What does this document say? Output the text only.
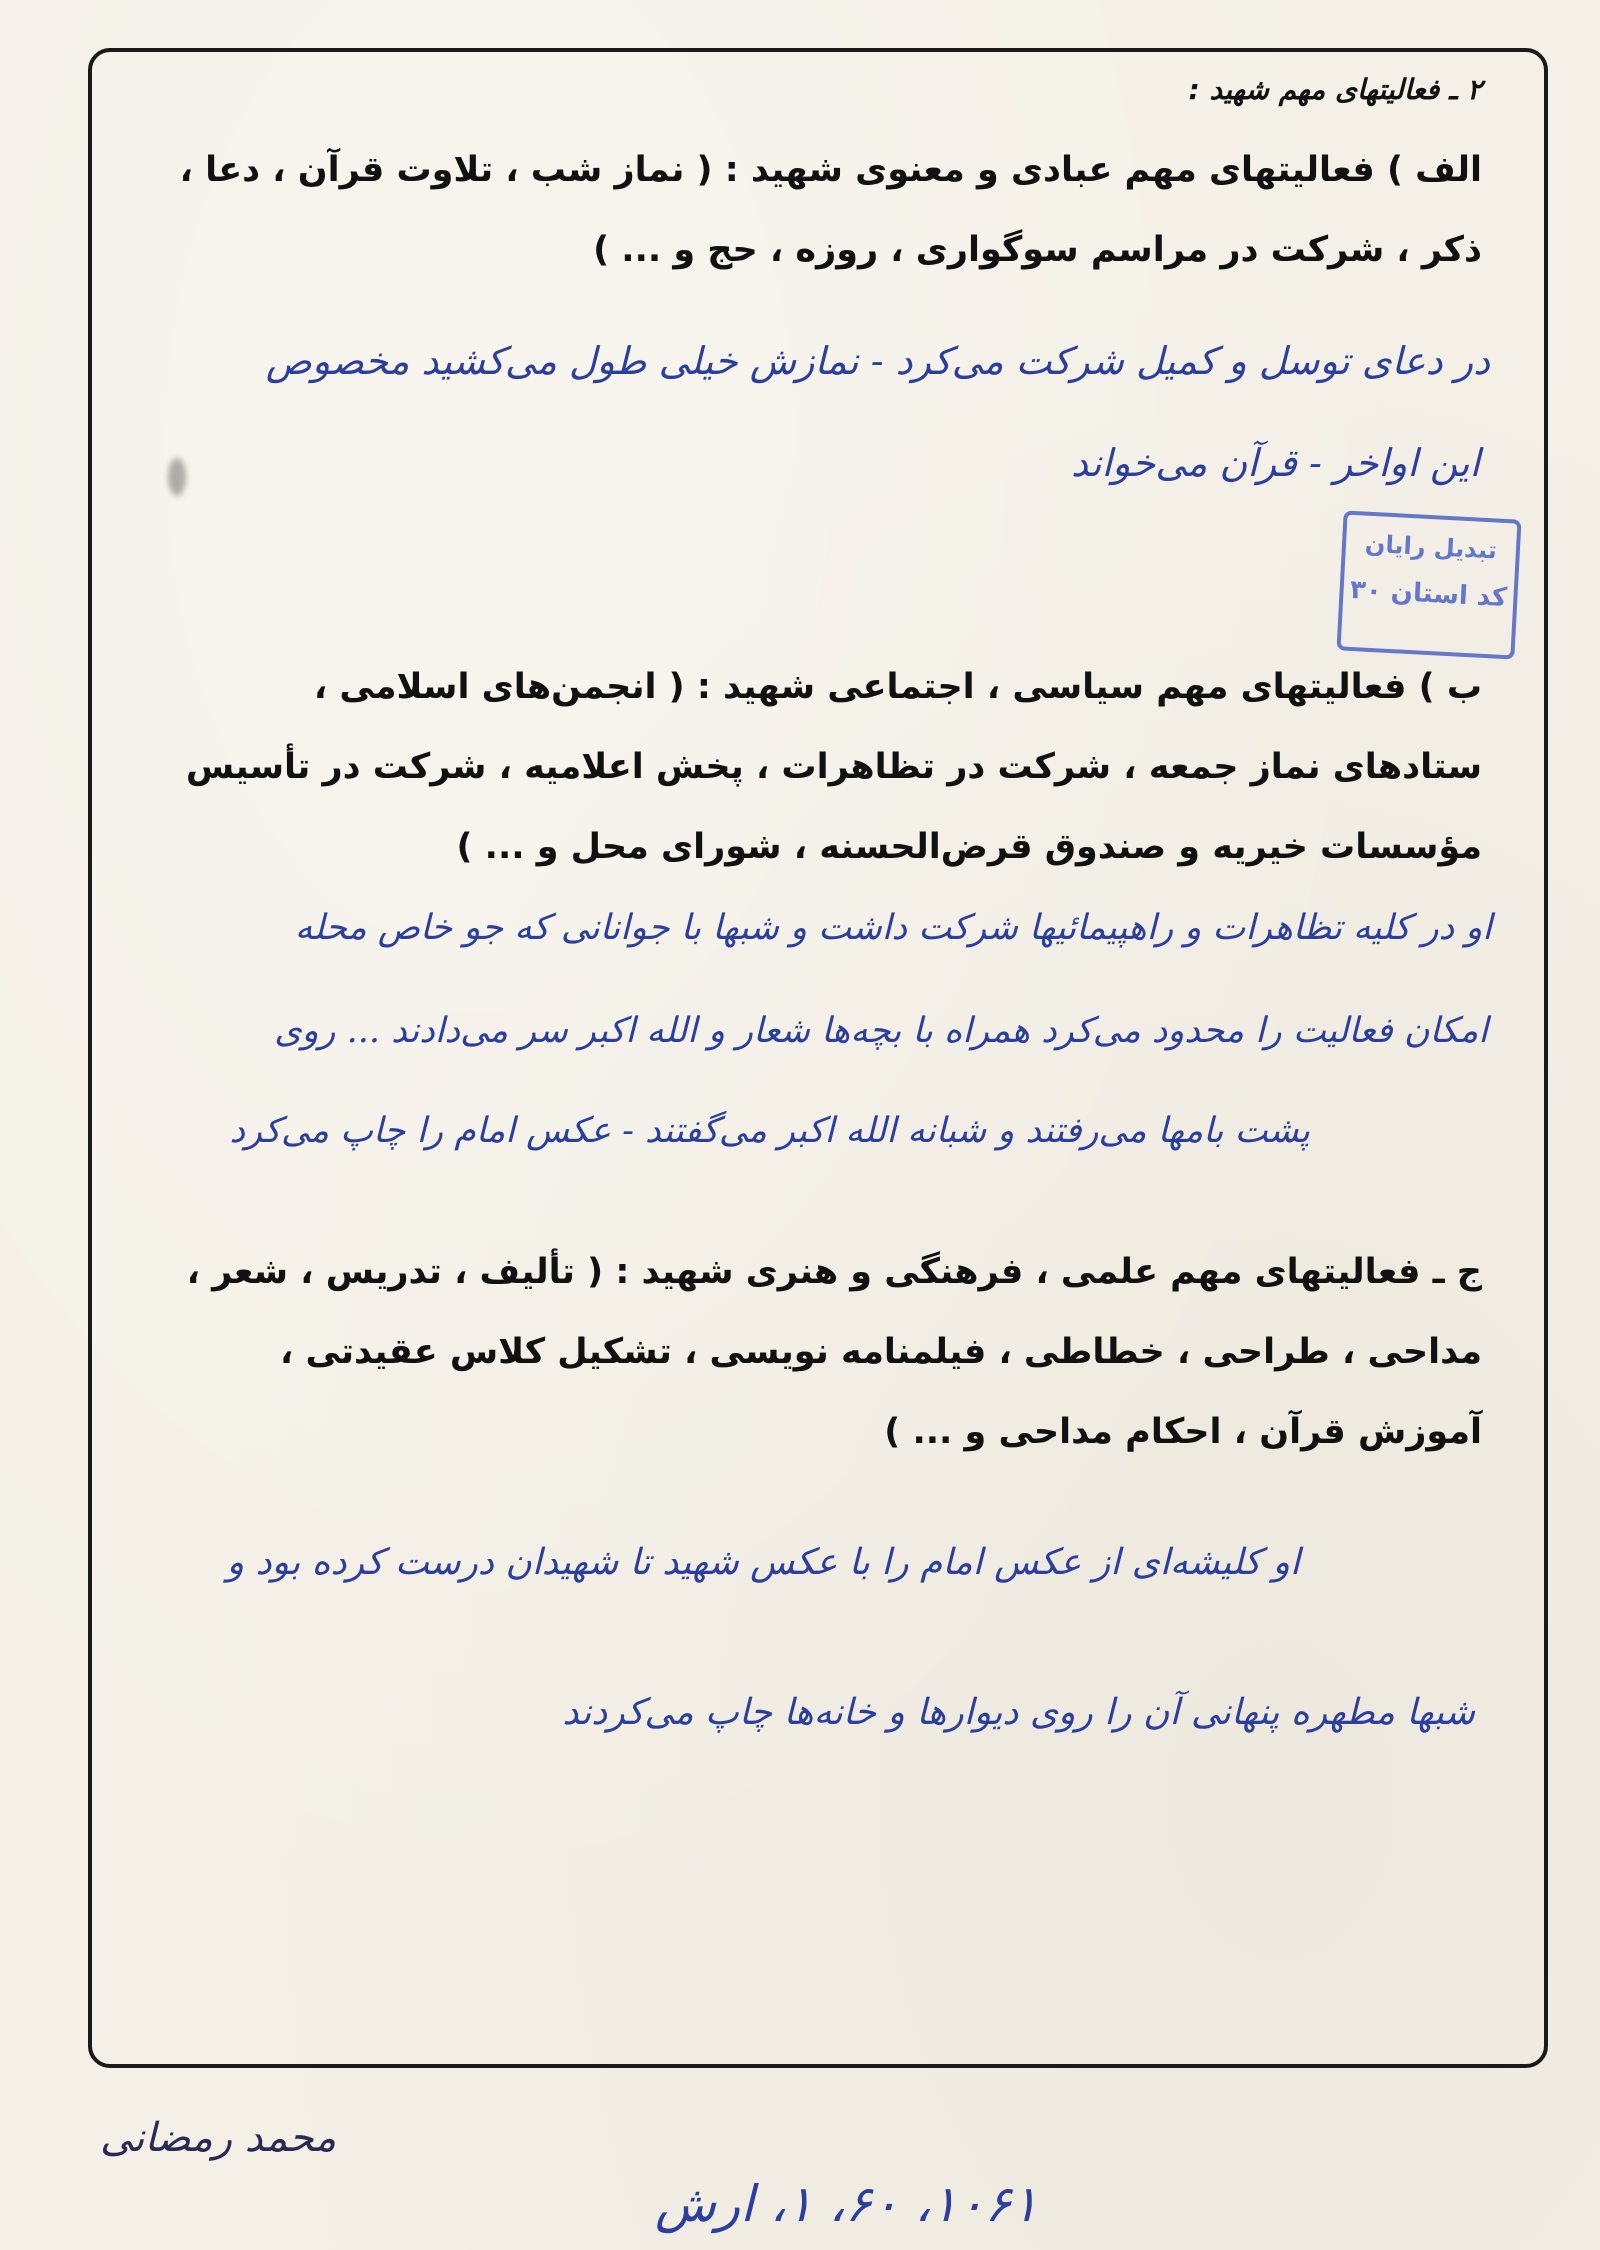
۲ ـ فعالیتهای مهم شهید :
الف ) فعالیتهای مهم عبادی و معنوی شهید : ( نماز شب ، تلاوت قرآن ، دعا ،
ذکر ، شرکت در مراسم سوگواری ، روزه ، حج و ... )
در دعای توسل و کمیل شرکت می‌کرد - نمازش خیلی طول می‌کشید مخصوص
این اواخر - قرآن می‌خواند
تبدیل رایان
کد استان ۳۰
ب ) فعالیتهای مهم سیاسی ، اجتماعی شهید : ( انجمن‌های اسلامی ،
ستادهای نماز جمعه ، شرکت در تظاهرات ، پخش اعلامیه ، شرکت در تأسیس
مؤسسات خیریه و صندوق قرض‌الحسنه ، شورای محل و ... )
او در کلیه تظاهرات و راهپیمائیها شرکت داشت و شبها با جوانانی که جو خاص محله
امکان فعالیت را محدود می‌کرد همراه با بچه‌ها شعار و الله اکبر سر می‌دادند ... روی
پشت بامها می‌رفتند و شبانه الله اکبر می‌گفتند - عکس امام را چاپ می‌کرد
ج ـ فعالیتهای مهم علمی ، فرهنگی و هنری شهید : ( تألیف ، تدریس ، شعر ،
مداحی ، طراحی ، خطاطی ، فیلمنامه نویسی ، تشکیل کلاس عقیدتی ،
آموزش قرآن ، احکام مداحی و ... )
او کلیشه‌ای از عکس امام را با عکس شهید تا شهیدان درست کرده بود و
شبها مطهره پنهانی آن را روی دیوارها و خانه‌ها چاپ می‌کردند
محمد رمضانی
۱۰۶۱، ۶۰، ۱، ارش
